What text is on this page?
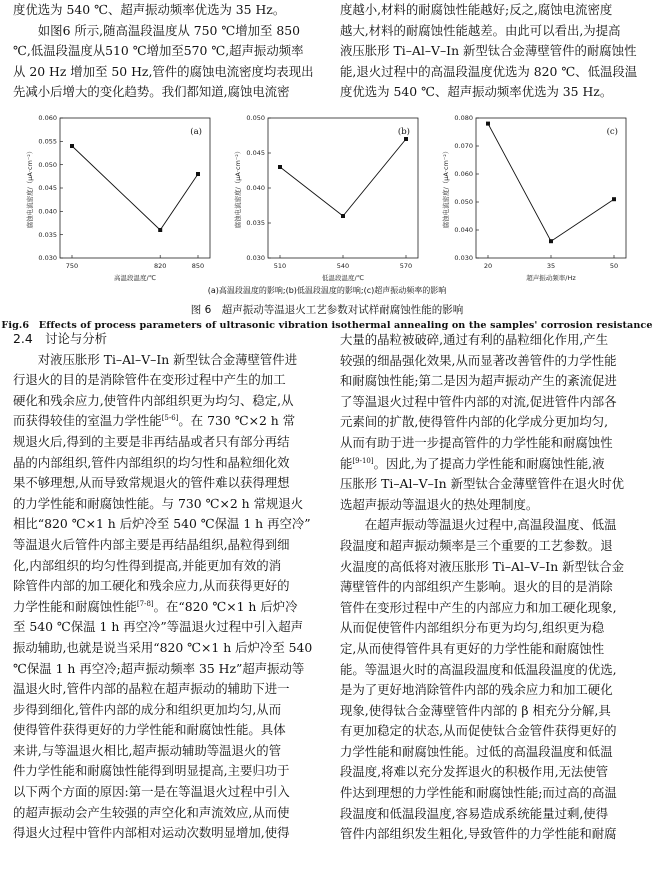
度优选为 540 ℃、超声振动频率优选为 35 Hz。
如图6 所示,随高温段温度从 750 ℃增加至 850
℃,低温段温度从510 ℃增加至570 ℃,超声振动频率
从 20 Hz 增加至 50 Hz,管件的腐蚀电流密度均表现出
先减小后增大的变化趋势。我们都知道,腐蚀电流密
度越小,材料的耐腐蚀性能越好;反之,腐蚀电流密度
越大,材料的耐腐蚀性能越差。由此可以看出,为提高
液压胀形 Ti–Al–V–In 新型钛合金薄壁管件的耐腐蚀性
能,退火过程中的高温段温度优选为 820 ℃、低温段温
度优选为 540 ℃、超声振动频率优选为 35 Hz。
0.030
0.035
0.040
0.045
0.050
0.055
0.060
750	820	850
(a)
高温段温度/℃
腐蚀电流密度/（μA·cm⁻²）
0.030
0.035
0.040
0.045
0.050
510	540	570
(b)
低温段温度/℃
腐蚀电流密度/（μA·cm⁻²）
0.030
0.040
0.050
0.060
0.070
0.080
20	35	50
(c)
超声振动频率/Hz
腐蚀电流密度/（μA·cm⁻²）
(a)高温段温度的影响;(b)低温段温度的影响;(c)超声振动频率的影响
图 6　超声振动等温退火工艺参数对试样耐腐蚀性能的影响
Fig.6　Effects of process parameters of ultrasonic vibration isothermal annealing on the samples' corrosion resistance
2.4　讨论与分析
对液压胀形 Ti–Al–V–In 新型钛合金薄壁管件进
行退火的目的是消除管件在变形过程中产生的加工
硬化和残余应力,使管件内部组织更为均匀、稳定,从
而获得较佳的室温力学性能[5-6]。在 730 ℃×2 h 常
规退火后,得到的主要是非再结晶或者只有部分再结
晶的内部组织,管件内部组织的均匀性和晶粒细化效
果不够理想,从而导致常规退火的管件难以获得理想
的力学性能和耐腐蚀性能。与 730 ℃×2 h 常规退火
相比“820 ℃×1 h 后炉冷至 540 ℃保温 1 h 再空冷”
等温退火后管件内部主要是再结晶组织,晶粒得到细
化,内部组织的均匀性得到提高,并能更加有效的消
除管件内部的加工硬化和残余应力,从而获得更好的
力学性能和耐腐蚀性能[7-8]。在“820 ℃×1 h 后炉冷
至 540 ℃保温 1 h 再空冷”等温退火过程中引入超声
振动辅助,也就是说当采用“820 ℃×1 h 后炉冷至 540
℃保温 1 h 再空冷;超声振动频率 35 Hz”超声振动等
温退火时,管件内部的晶粒在超声振动的辅助下进一
步得到细化,管件内部的成分和组织更加均匀,从而
使得管件获得更好的力学性能和耐腐蚀性能。具体
来讲,与等温退火相比,超声振动辅助等温退火的管
件力学性能和耐腐蚀性能得到明显提高,主要归功于
以下两个方面的原因:第一是在等温退火过程中引入
的超声振动会产生较强的声空化和声流效应,从而使
得退火过程中管件内部相对运动次数明显增加,使得
大量的晶粒被破碎,通过有利的晶粒细化作用,产生
较强的细晶强化效果,从而显著改善管件的力学性能
和耐腐蚀性能;第二是因为超声振动产生的紊流促进
了等温退火过程中管件内部的对流,促进管件内部各
元素间的扩散,使得管件内部的化学成分更加均匀,
从而有助于进一步提高管件的力学性能和耐腐蚀性
能[9-10]。因此,为了提高力学性能和耐腐蚀性能,液
压胀形 Ti–Al–V–In 新型钛合金薄壁管件在退火时优
选超声振动等温退火的热处理制度。
在超声振动等温退火过程中,高温段温度、低温
段温度和超声振动频率是三个重要的工艺参数。退
火温度的高低将对液压胀形 Ti–Al–V–In 新型钛合金
薄壁管件的内部组织产生影响。退火的目的是消除
管件在变形过程中产生的内部应力和加工硬化现象,
从而促使管件内部组织分布更为均匀,组织更为稳
定,从而使得管件具有更好的力学性能和耐腐蚀性
能。等温退火时的高温段温度和低温段温度的优选,
是为了更好地消除管件内部的残余应力和加工硬化
现象,使得钛合金薄壁管件内部的 β 相充分分解,具
有更加稳定的状态,从而促使钛合金管件获得更好的
力学性能和耐腐蚀性能。过低的高温段温度和低温
段温度,将难以充分发挥退火的积极作用,无法使管
件达到理想的力学性能和耐腐蚀性能;而过高的高温
段温度和低温段温度,容易造成系统能量过剩,使得
管件内部组织发生粗化,导致管件的力学性能和耐腐
